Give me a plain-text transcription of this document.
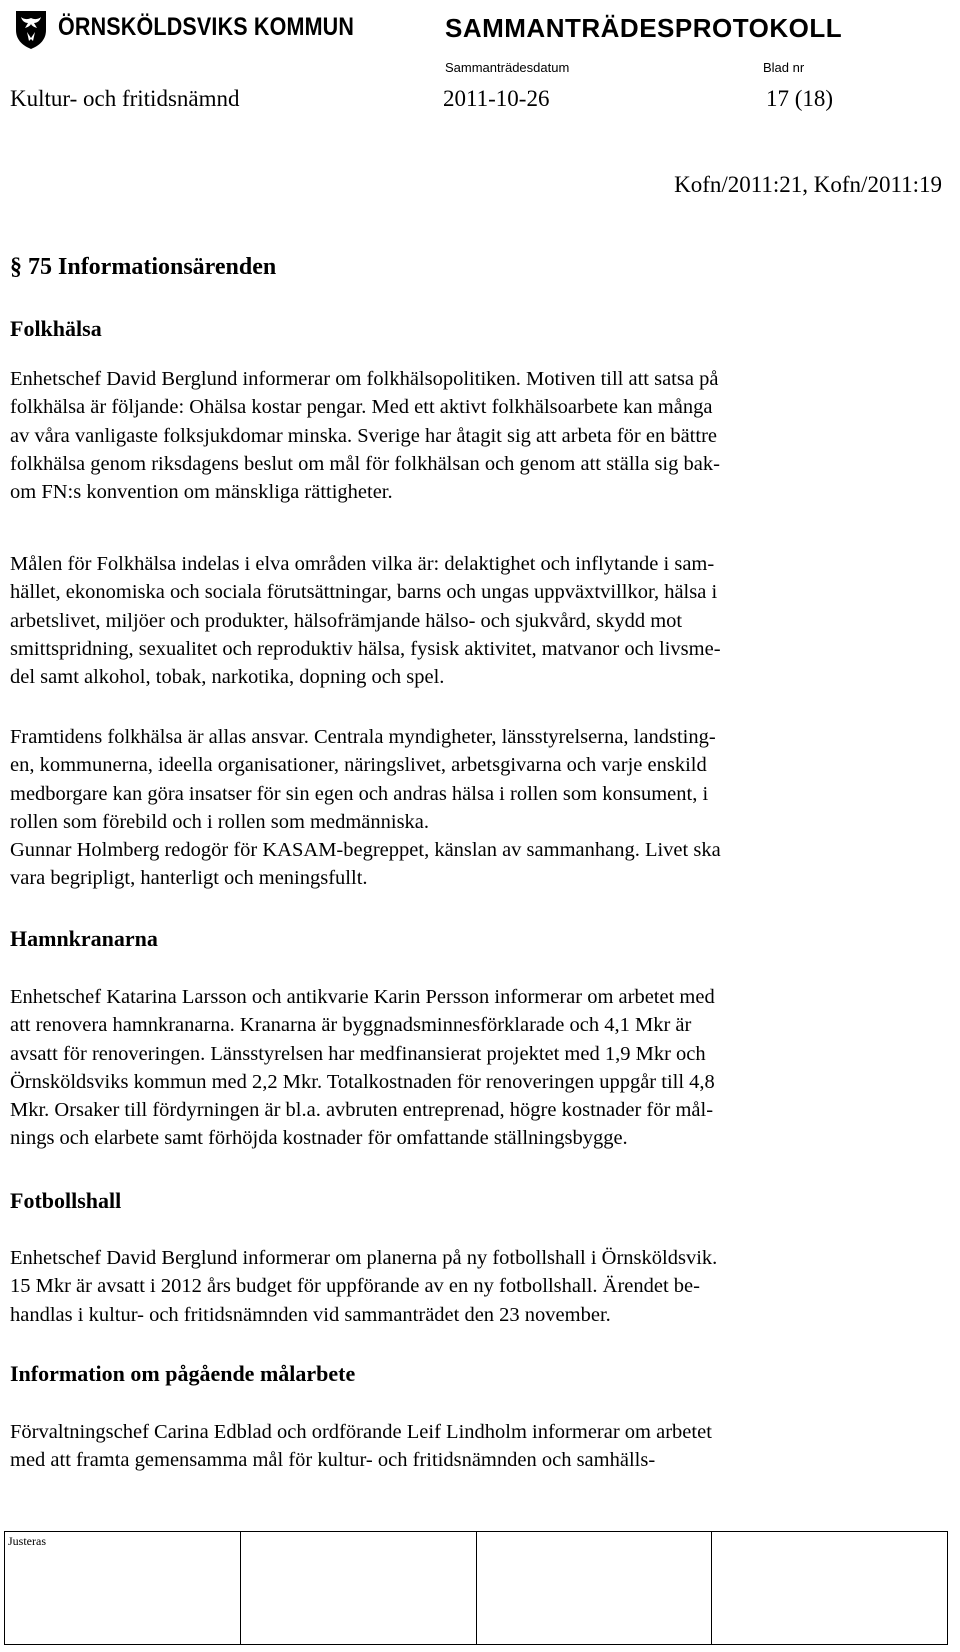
ÖRNSKÖLDSVIKS KOMMUN	SAMMANTRÄDESPROTOKOLL
Sammanträdesdatum	Blad nr
Kultur- och fritidsnämnd	2011-10-26	17 (18)
Kofn/2011:21, Kofn/2011:19
§ 75 Informationsärenden
Folkhälsa

Enhetschef David Berglund informerar om folkhälsopolitiken. Motiven till att satsa på
folkhälsa är följande: Ohälsa kostar pengar. Med ett aktivt folkhälsoarbete kan många
av våra vanligaste folksjukdomar minska. Sverige har åtagit sig att arbeta för en bättre
folkhälsa genom riksdagens beslut om mål för folkhälsan och genom att ställa sig bak-
om FN:s konvention om mänskliga rättigheter.

Målen för Folkhälsa indelas i elva områden vilka är: delaktighet och inflytande i sam-
hället, ekonomiska och sociala förutsättningar, barns och ungas uppväxtvillkor, hälsa i
arbetslivet, miljöer och produkter, hälsofrämjande hälso- och sjukvård, skydd mot
smittspridning, sexualitet och reproduktiv hälsa, fysisk aktivitet, matvanor och livsme-
del samt alkohol, tobak, narkotika, dopning och spel.

Framtidens folkhälsa är allas ansvar. Centrala myndigheter, länsstyrelserna, landsting-
en, kommunerna, ideella organisationer, näringslivet, arbetsgivarna och varje enskild
medborgare kan göra insatser för sin egen och andras hälsa i rollen som konsument, i
rollen som förebild och i rollen som medmänniska.
Gunnar Holmberg redogör för KASAM-begreppet, känslan av sammanhang. Livet ska
vara begripligt, hanterligt och meningsfullt.

Hamnkranarna

Enhetschef Katarina Larsson och antikvarie Karin Persson informerar om arbetet med
att renovera hamnkranarna. Kranarna är byggnadsminnesförklarade och 4,1 Mkr är
avsatt för renoveringen. Länsstyrelsen har medfinansierat projektet med 1,9 Mkr och
Örnsköldsviks kommun med 2,2 Mkr. Totalkostnaden för renoveringen uppgår till 4,8
Mkr. Orsaker till fördyrningen är bl.a. avbruten entreprenad, högre kostnader för mål-
nings och elarbete samt förhöjda kostnader för omfattande ställningsbygge.

Fotbollshall

Enhetschef David Berglund informerar om planerna på ny fotbollshall i Örnsköldsvik.
15 Mkr är avsatt i 2012 års budget för uppförande av en ny fotbollshall. Ärendet be-
handlas i kultur- och fritidsnämnden vid sammanträdet den 23 november.

Information om pågående målarbete

Förvaltningschef Carina Edblad och ordförande Leif Lindholm informerar om arbetet
med att framta gemensamma mål för kultur- och fritidsnämnden och samhälls-

Justeras
